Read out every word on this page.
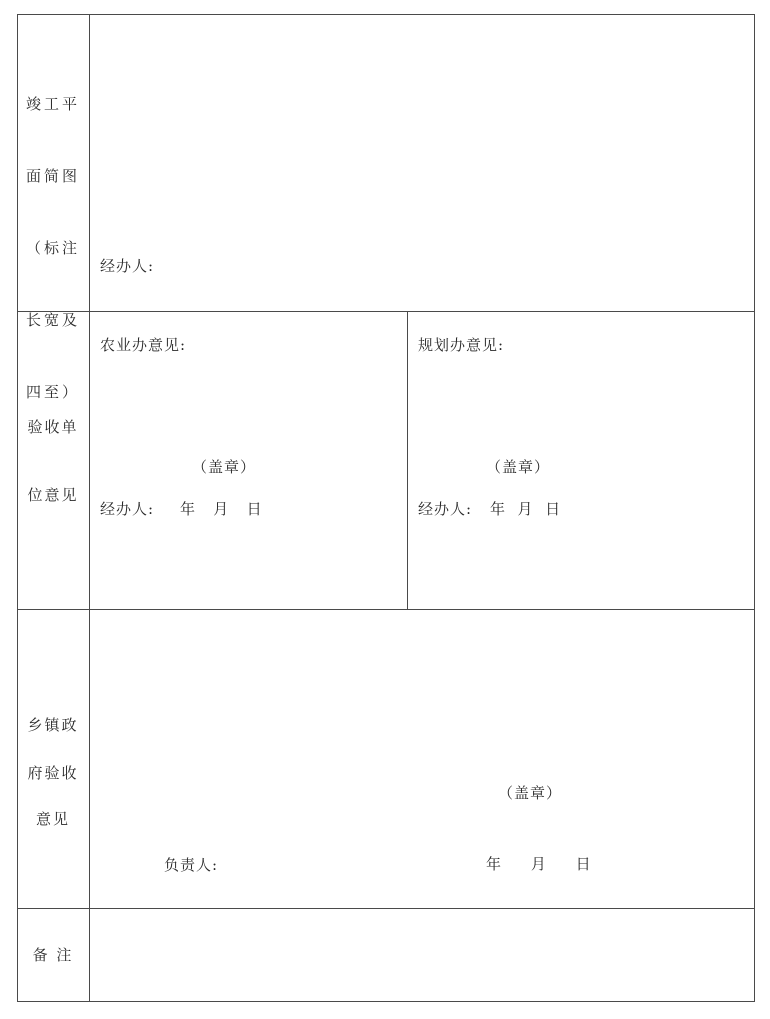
竣工平

面简图

（标注

长宽及

四至）

经办人:
验收单
位意见
农业办意见:
（盖章）
经办人: 年   月   日
规划办意见:
（盖章）
经办人: 年  月  日
乡镇政
府验收
意见
（盖章）
负责人:	年     月     日
备 注
